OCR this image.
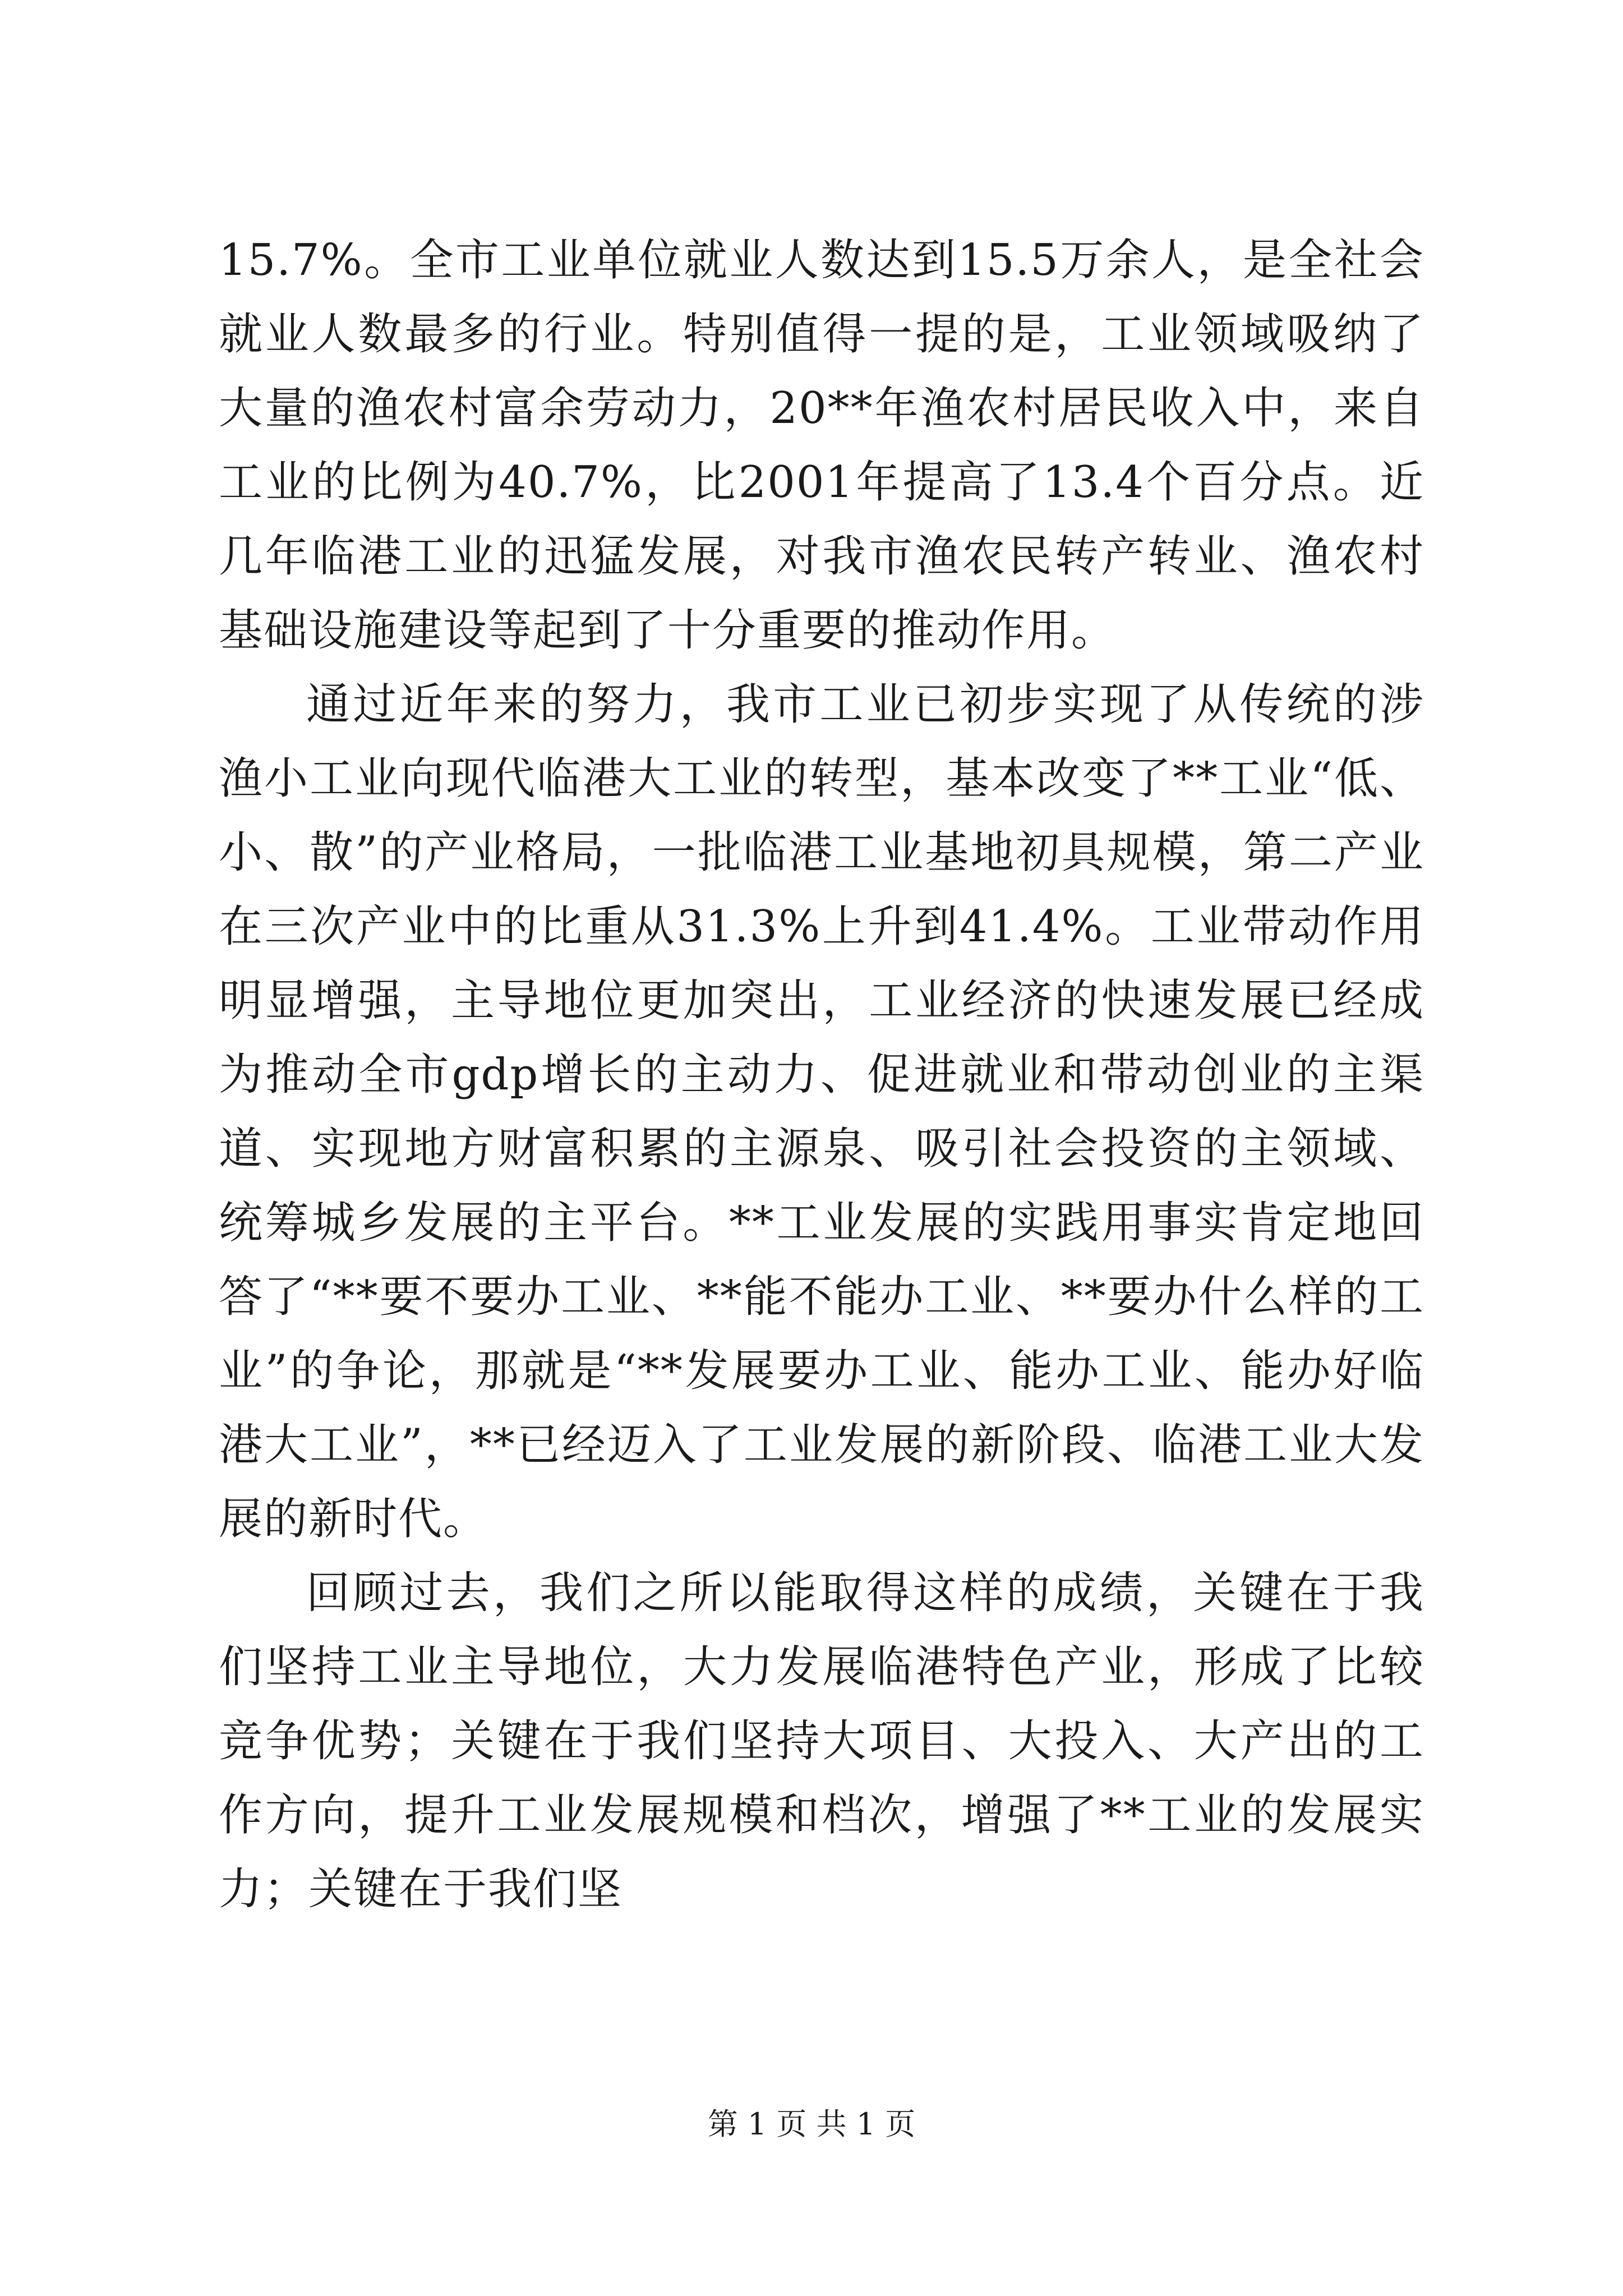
15.7%。全市工业单位就业人数达到15.5万余人，是全社会就业人数最多的行业。特别值得一提的是，工业领域吸纳了大量的渔农村富余劳动力，20**年渔农村居民收入中，来自工业的比例为40.7%，比2001年提高了13.4个百分点。近几年临港工业的迅猛发展，对我市渔农民转产转业、渔农村基础设施建设等起到了十分重要的推动作用。

通过近年来的努力，我市工业已初步实现了从传统的涉渔小工业向现代临港大工业的转型，基本改变了**工业“低、小、散”的产业格局，一批临港工业基地初具规模，第二产业在三次产业中的比重从31.3%上升到41.4%。工业带动作用明显增强，主导地位更加突出，工业经济的快速发展已经成为推动全市gdp增长的主动力、促进就业和带动创业的主渠道、实现地方财富积累的主源泉、吸引社会投资的主领域、统筹城乡发展的主平台。**工业发展的实践用事实肯定地回答了“**要不要办工业、**能不能办工业、**要办什么样的工业”的争论，那就是“**发展要办工业、能办工业、能办好临港大工业”，**已经迈入了工业发展的新阶段、临港工业大发展的新时代。

回顾过去，我们之所以能取得这样的成绩，关键在于我们坚持工业主导地位，大力发展临港特色产业，形成了比较竞争优势；关键在于我们坚持大项目、大投入、大产出的工作方向，提升工业发展规模和档次，增强了**工业的发展实力；关键在于我们坚

第 1 页 共 1 页
